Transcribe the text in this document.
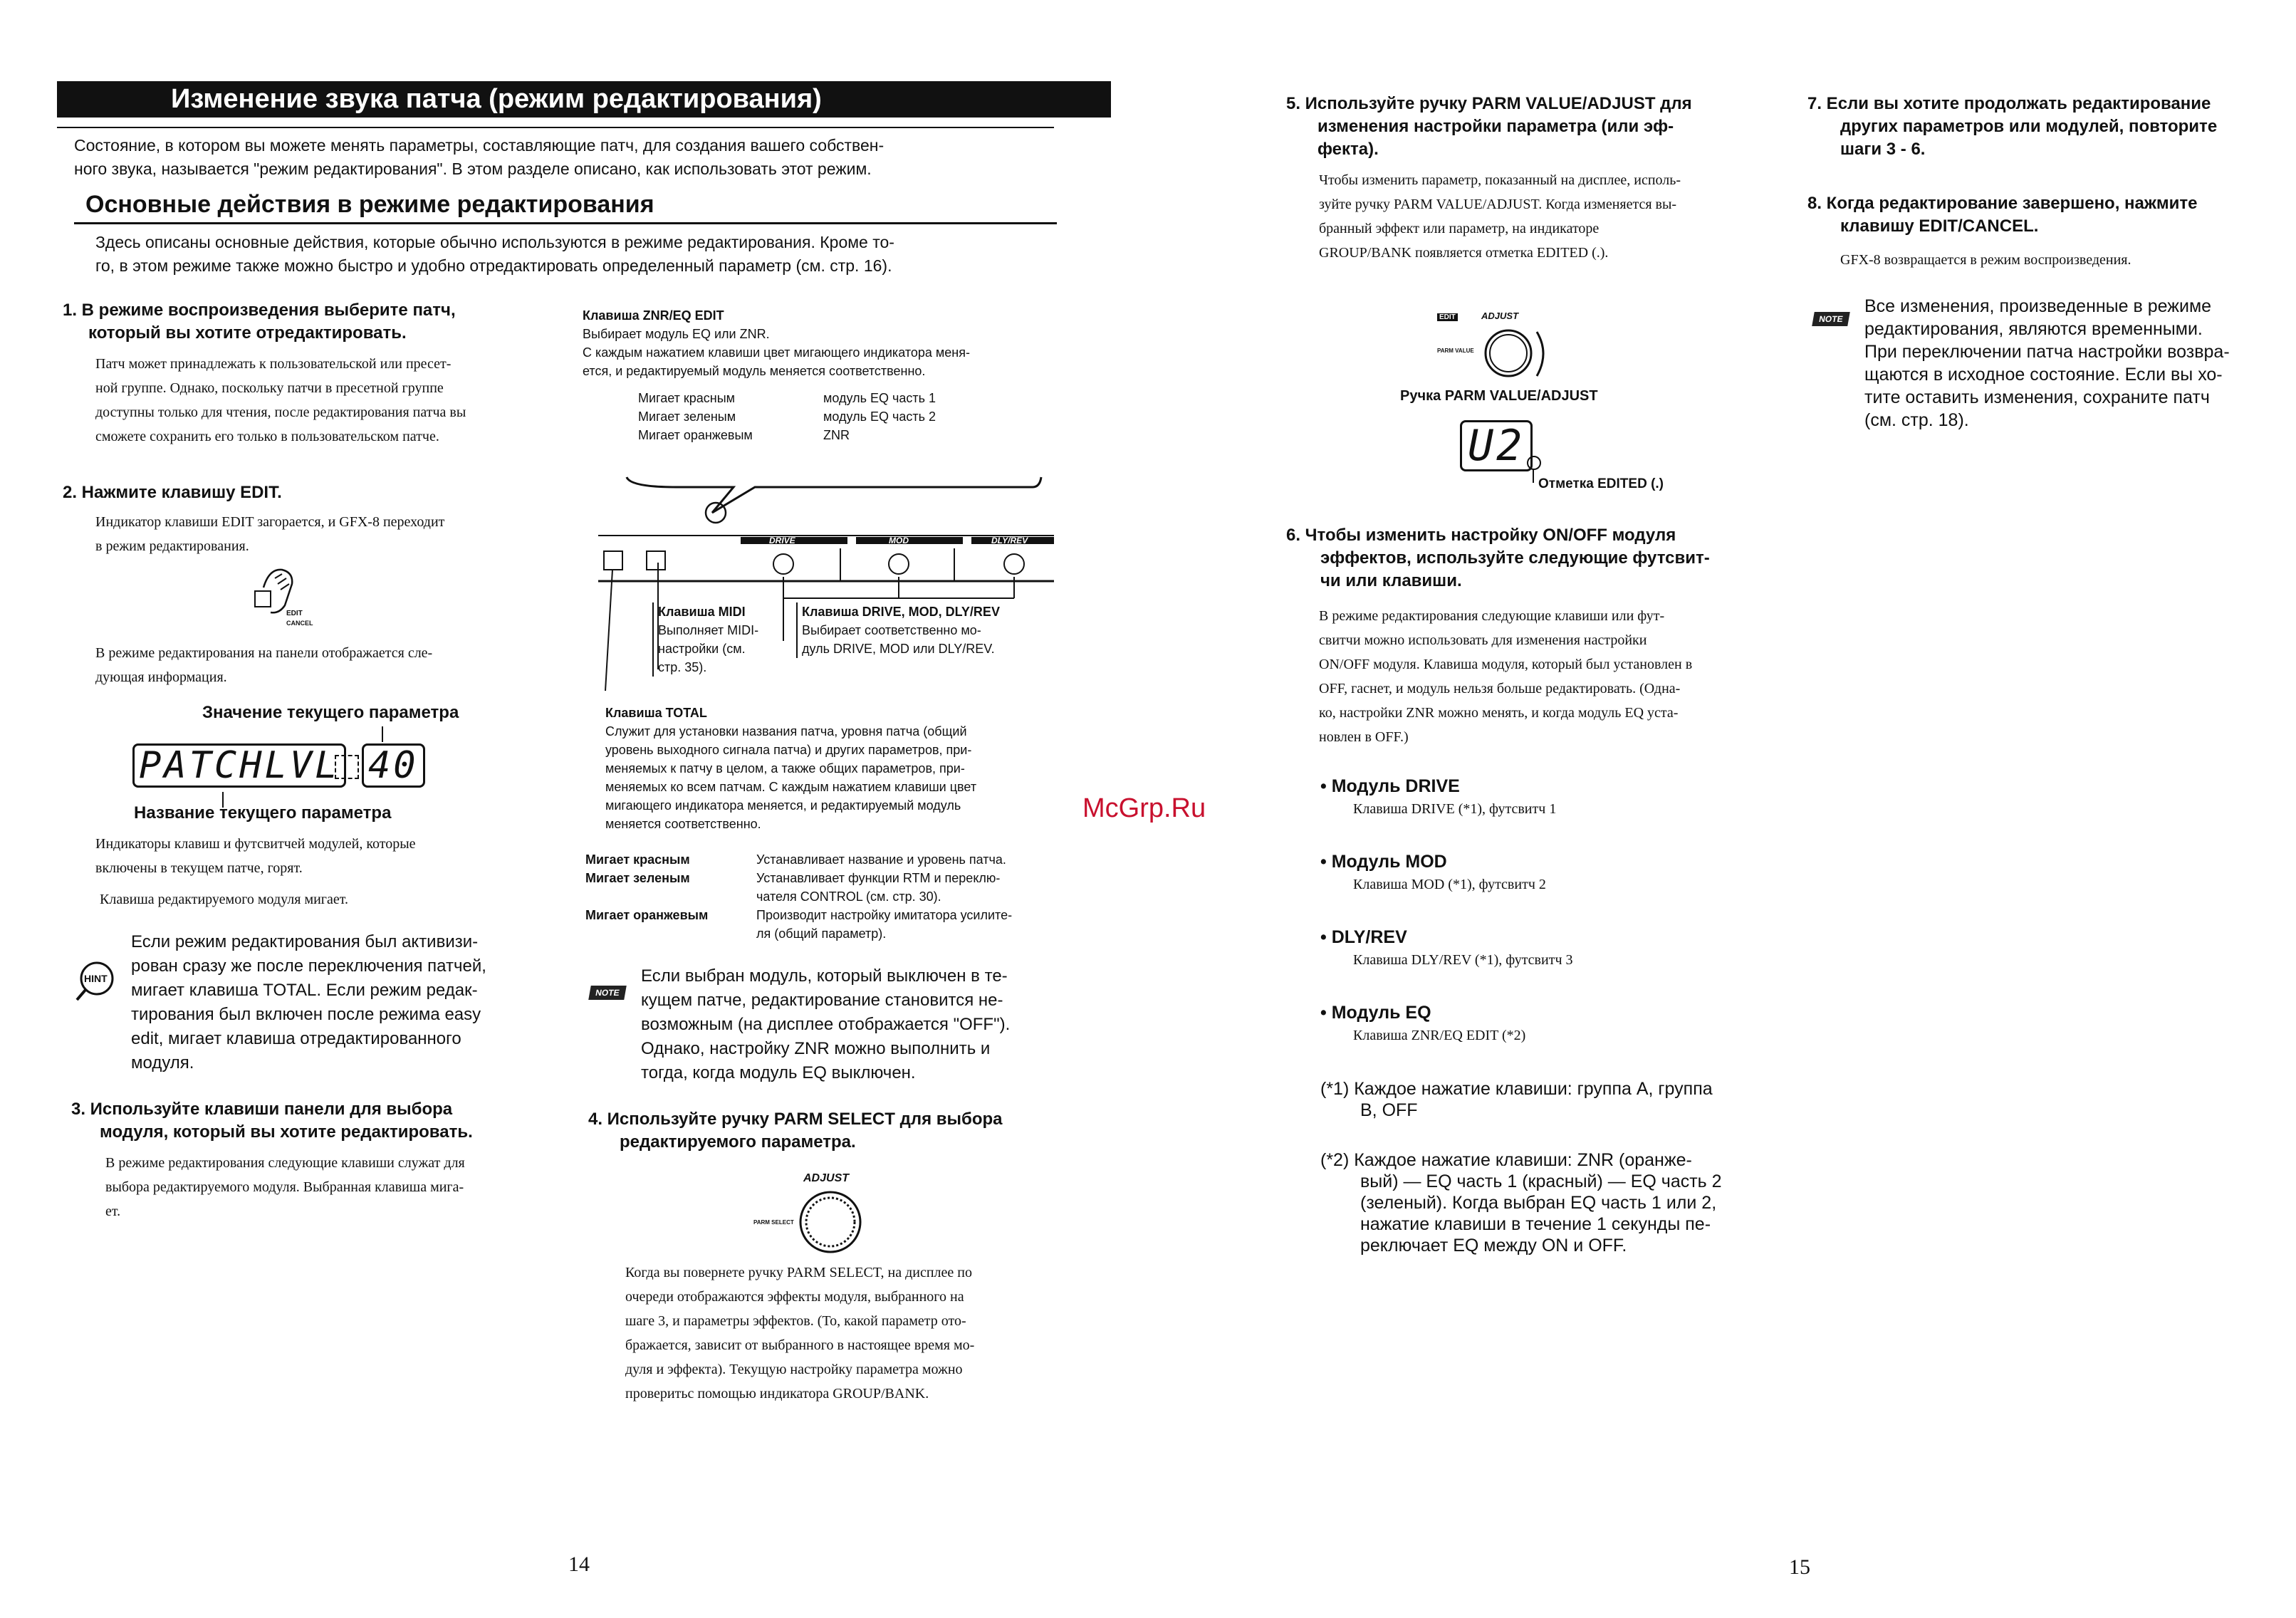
Изменение звука патча (режим редактирования)
Состояние, в котором вы можете менять параметры, составляющие патч, для создания вашего собствен-
ного звука, называется "режим редактирования". В этом разделе описано, как использовать этот режим.
Основные действия в режиме редактирования
Здесь описаны основные действия, которые обычно используются в режиме редактирования. Кроме то-
го, в этом режиме также можно быстро и удобно отредактировать определенный параметр (см. стр. 16).
1. В режиме воспроизведения выберите патч,
который вы хотите отредактировать.
Патч может принадлежать к пользовательской или пресет-
ной группе. Однако, поскольку патчи в пресетной группе
доступны только для чтения, после редактирования патча вы
сможете сохранить его только в пользовательском патче.
2. Нажмите клавишу EDIT.
Индикатор клавиши EDIT загорается, и GFX-8 переходит
в режим редактирования.
EDIT
CANCEL
В режиме редактирования на панели отображается сле-
дующая информация.
Значение текущего параметра
PATCHLVL 40
Название текущего параметра
Индикаторы клавиш и футсвитчей модулей, которые
включены в текущем патче, горят.
Клавиша редактируемого модуля мигает.
HINT
Если режим редактирования был активизи-
рован сразу же после переключения патчей,
мигает клавиша TOTAL. Если режим редак-
тирования был включен после режима easy
edit, мигает клавиша отредактированного
модуля.
3. Используйте клавиши панели для выбора
модуля, который вы хотите редактировать.
В режиме редактирования следующие клавиши служат для
выбора редактируемого модуля. Выбранная клавиша мига-
ет.
Клавиша ZNR/EQ EDIT
Выбирает модуль EQ или ZNR.
С каждым нажатием клавиши цвет мигающего индикатора меня-
ется, и редактируемый модуль меняется соответственно.
Мигает красным	модуль EQ часть 1
Мигает зеленым	модуль EQ часть 2
Мигает оранжевым	ZNR
DRIVE	MOD	DLY/REV
Клавиша MIDI
Выполняет MIDI-
настройки (см.
стр. 35).
Клавиша DRIVE, MOD, DLY/REV
Выбирает соответственно мо-
дуль DRIVE, MOD или DLY/REV.
Клавиша TOTAL
Служит для установки названия патча, уровня патча (общий
уровень выходного сигнала патча) и других параметров, при-
меняемых к патчу в целом, а также общих параметров, при-
меняемых ко всем патчам. С каждым нажатием клавиши цвет
мигающего индикатора меняется, и редактируемый модуль
меняется соответственно.
Мигает красным	Устанавливает название и уровень патча.
Мигает зеленым	Устанавливает функции RTM и переклю-
чателя CONTROL (см. стр. 30).
Мигает оранжевым	Производит настройку имитатора усилите-
ля (общий параметр).
NOTE
Если выбран модуль, который выключен в те-
кущем патче, редактирование становится не-
возможным (на дисплее отображается "OFF").
Однако, настройку ZNR можно выполнить и
тогда, когда модуль EQ выключен.
4. Используйте ручку PARM SELECT для выбора
редактируемого параметра.
ADJUST
PARM SELECT
Когда вы повернете ручку PARM SELECT, на дисплее по
очереди отображаются эффекты модуля, выбранного на
шаге 3, и параметры эффектов. (То, какой параметр ото-
бражается, зависит от выбранного в настоящее время мо-
дуля и эффекта). Текущую настройку параметра можно
проверитьс помощью индикатора GROUP/BANK.
14
McGrp.Ru
5. Используйте ручку PARM VALUE/ADJUST для
изменения настройки параметра (или эф-
фекта).
Чтобы изменить параметр, показанный на дисплее, исполь-
зуйте ручку PARM VALUE/ADJUST. Когда изменяется вы-
бранный эффект или параметр, на индикаторе
GROUP/BANK появляется отметка EDITED (.).
EDIT	ADJUST
PARM VALUE
Ручка PARM VALUE/ADJUST
U2
Отметка EDITED (.)
6. Чтобы изменить настройку ON/OFF модуля
эффектов, используйте следующие футсвит-
чи или клавиши.
В режиме редактирования следующие клавиши или фут-
свитчи можно использовать для изменения настройки
ON/OFF модуля. Клавиша модуля, который был установлен в
OFF, гаснет, и модуль нельзя больше редактировать. (Одна-
ко, настройки ZNR можно менять, и когда модуль EQ уста-
новлен в OFF.)
• Модуль DRIVE
Клавиша DRIVE (*1), футсвитч 1
• Модуль MOD
Клавиша MOD (*1), футсвитч 2
• DLY/REV
Клавиша DLY/REV (*1), футсвитч 3
• Модуль EQ
Клавиша ZNR/EQ EDIT (*2)
(*1) Каждое нажатие клавиши: группа А, группа
В, OFF
(*2) Каждое нажатие клавиши: ZNR (оранже-
вый) — EQ часть 1 (красный) — EQ часть 2
(зеленый). Когда выбран EQ часть 1 или 2,
нажатие клавиши в течение 1 секунды пе-
реключает EQ между ON и OFF.
7. Если вы хотите продолжать редактирование
других параметров или модулей, повторите
шаги 3 - 6.
8. Когда редактирование завершено, нажмите
клавишу EDIT/CANCEL.
GFX-8 возвращается в режим воспроизведения.
NOTE
Все изменения, произведенные в режиме
редактирования, являются временными.
При переключении патча настройки возвра-
щаются в исходное состояние. Если вы хо-
тите оставить изменения, сохраните патч
(см. стр. 18).
15
